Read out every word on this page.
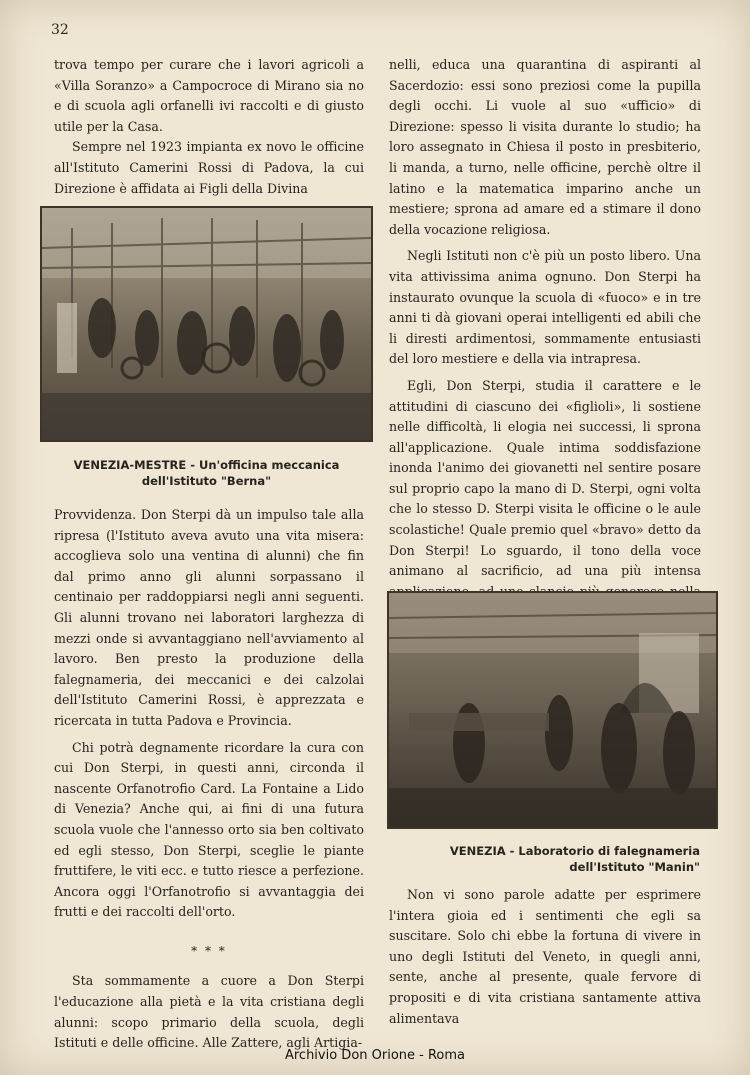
32

trova tempo per curare che i lavori agricoli a «Villa Soranzo» a Campocroce di Mirano sia no e di scuola agli orfanelli ivi raccolti e di giusto utile per la Casa.

Sempre nel 1923 impianta ex novo le officine all'Istituto Camerini Rossi di Padova, la cui Direzione è affidata ai Figli della Divina

VENEZIA-MESTRE - Un'officina meccanica
dell'Istituto "Berna"

Provvidenza. Don Sterpi dà un impulso tale alla ripresa (l'Istituto aveva avuto una vita misera: accoglieva solo una ventina di alunni) che fin dal primo anno gli alunni sorpassano il centinaio per raddoppiarsi negli anni seguenti. Gli alunni trovano nei laboratori larghezza di mezzi onde si avvantaggiano nell'avviamento al lavoro. Ben presto la produzione della falegnameria, dei meccanici e dei calzolai dell'Istituto Camerini Rossi, è apprezzata e ricercata in tutta Padova e Provincia.

Chi potrà degnamente ricordare la cura con cui Don Sterpi, in questi anni, circonda il nascente Orfanotrofio Card. La Fontaine a Lido di Venezia? Anche qui, ai fini di una futura scuola vuole che l'annesso orto sia ben coltivato ed egli stesso, Don Sterpi, sceglie le piante fruttifere, le viti ecc. e tutto riesce a perfezione. Ancora oggi l'Orfanotrofio si avvantaggia dei frutti e dei raccolti dell'orto.

* * *

Sta sommamente a cuore a Don Sterpi l'educazione alla pietà e la vita cristiana degli alunni: scopo primario della scuola, degli Istituti e delle officine. Alle Zattere, agli Artigia-

nelli, educa una quarantina di aspiranti al Sacerdozio: essi sono preziosi come la pupilla degli occhi. Li vuole al suo «ufficio» di Direzione: spesso li visita durante lo studio; ha loro assegnato in Chiesa il posto in presbiterio, li manda, a turno, nelle officine, perchè oltre il latino e la matematica imparino anche un mestiere; sprona ad amare ed a stimare il dono della vocazione religiosa.

Negli Istituti non c'è più un posto libero. Una vita attivissima anima ognuno. Don Sterpi ha instaurato ovunque la scuola di «fuoco» e in tre anni ti dà giovani operai intelligenti ed abili che li diresti ardimentosi, sommamente entusiasti del loro mestiere e della via intrapresa.

Egli, Don Sterpi, studia il carattere e le attitudini di ciascuno dei «figlioli», li sostiene nelle difficoltà, li elogia nei successi, li sprona all'applicazione. Quale intima soddisfazione inonda l'animo dei giovanetti nel sentire posare sul proprio capo la mano di D. Sterpi, ogni volta che lo stesso D. Sterpi visita le officine o le aule scolastiche! Quale premio quel «bravo» detto da Don Sterpi! Lo sguardo, il tono della voce animano al sacrificio, ad una più intensa

VENEZIA - Laboratorio di falegnameria
dell'Istituto "Manin"

Non vi sono parole adatte per esprimere l'intera gioia ed i sentimenti che egli sa suscitare. Solo chi ebbe la fortuna di vivere in uno degli Istituti del Veneto, in quegli anni, sente, anche al presente, quale fervore di propositi e di vita cristiana santamente attiva alimentava

Archivio Don Orione - Roma
